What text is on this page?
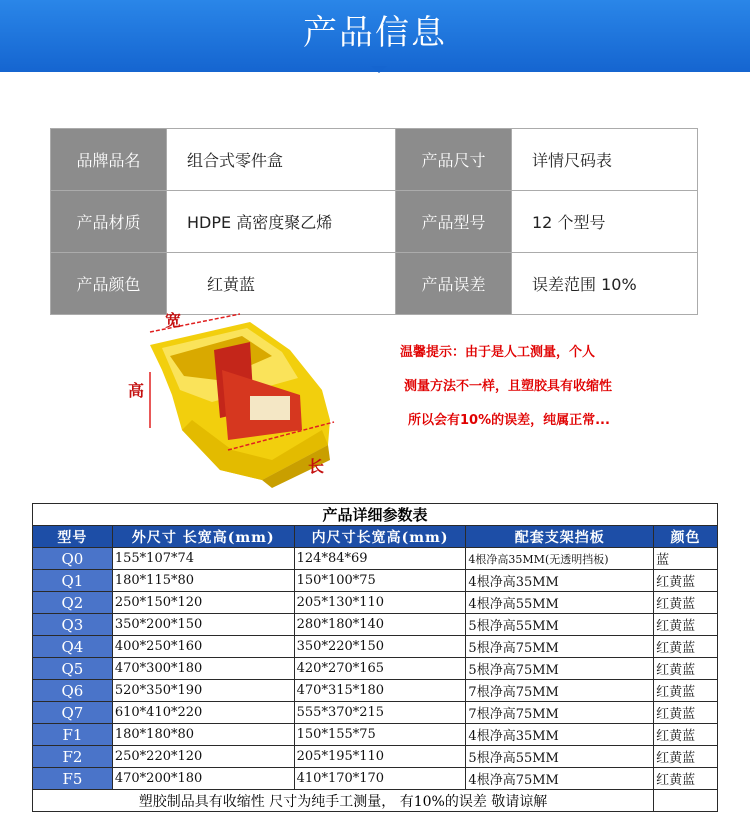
产品信息
品牌品名	组合式零件盒	产品尺寸	详情尺码表
产品材质	HDPE 高密度聚乙烯	产品型号	12 个型号
产品颜色	红黄蓝	产品误差	误差范围 10%
宽
高
长
温馨提示：由于是人工测量，个人
测量方法不一样，且塑胶具有收缩性
所以会有10%的误差，纯属正常...
产品详细参数表				
型号	外尺寸 长宽高(mm)	内尺寸长宽高(mm)	配套支架挡板	颜色
Q0	155*107*74	124*84*69	4根净高35MM(无透明挡板)	蓝
Q1	180*115*80	150*100*75	4根净高35MM	红黄蓝
Q2	250*150*120	205*130*110	4根净高55MM	红黄蓝
Q3	350*200*150	280*180*140	5根净高55MM	红黄蓝
Q4	400*250*160	350*220*150	5根净高75MM	红黄蓝
Q5	470*300*180	420*270*165	5根净高75MM	红黄蓝
Q6	520*350*190	470*315*180	7根净高75MM	红黄蓝
Q7	610*410*220	555*370*215	7根净高75MM	红黄蓝
F1	180*180*80	150*155*75	4根净高35MM	红黄蓝
F2	250*220*120	205*195*110	5根净高55MM	红黄蓝
F5	470*200*180	410*170*170	4根净高75MM	红黄蓝
塑胶制品具有收缩性 尺寸为纯手工测量， 有10%的误差 敬请谅解				
